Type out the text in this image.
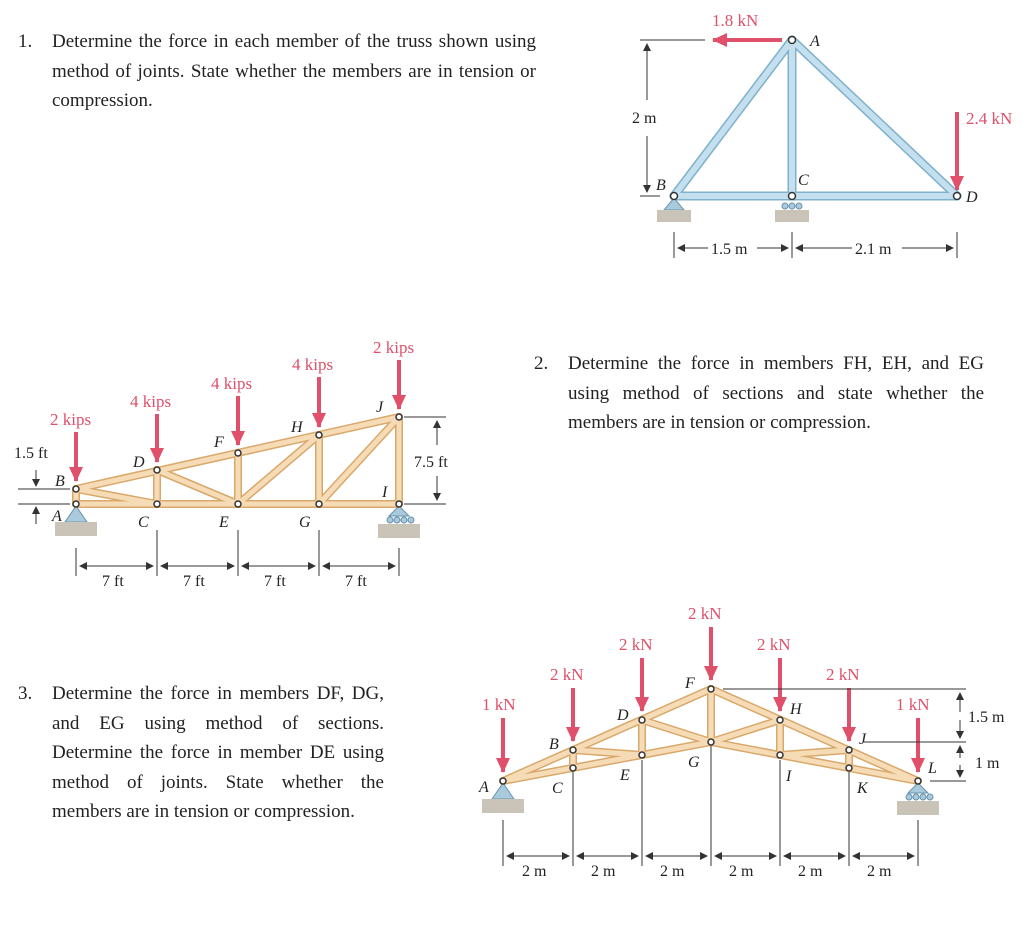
1. Determine the force in each member of the truss shown using method of joints. State whether the members are in tension or compression.
2. Determine the force in members FH, EH, and EG using method of sections and state whether the members are in tension or compression.
3. Determine the force in members DF, DG, and EG using method of sections. Determine the force in member DE using method of joints. State whether the members are in tension or compression.
1.8 kN
2.4 kN
A
B	C
D
2 m
1.5 m	2.1 m
2 kips
4 kips
4 kips
4 kips
2 kips
A
B
C
D
E
F
G
H
I
J
1.5 ft
7.5 ft
7 ft	7 ft	7 ft	7 ft
1 kN
2 kN
2 kN
2 kN
2 kN
2 kN
1 kN
A
B
C
D
E
F
G
H
I
J
K
L
1.5 m
1 m
2 m	2 m	2 m	2 m	2 m	2 m
